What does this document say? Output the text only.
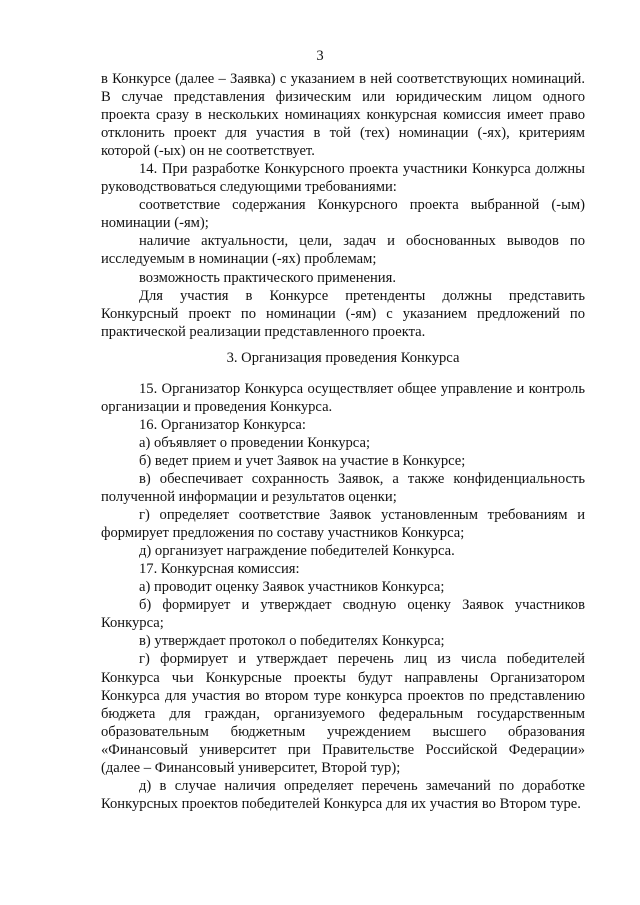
3

в Конкурсе (далее – Заявка) с указанием в ней соответствующих номинаций. В случае представления физическим или юридическим лицом одного проекта сразу в нескольких номинациях конкурсная комиссия имеет право отклонить проект для участия в той (тех) номинации (-ях), критериям которой (-ых) он не соответствует.

14. При разработке Конкурсного проекта участники Конкурса должны руководствоваться следующими требованиями:

соответствие содержания Конкурсного проекта выбранной (-ым) номинации (-ям);

наличие актуальности, цели, задач и обоснованных выводов по исследуемым в номинации (-ях) проблемам;

возможность практического применения.

Для участия в Конкурсе претенденты должны представить Конкурсный проект по номинации (-ям) с указанием предложений по практической реализации представленного проекта.

3. Организация проведения Конкурса

15. Организатор Конкурса осуществляет общее управление и контроль организации и проведения Конкурса.

16. Организатор Конкурса:

а) объявляет о проведении Конкурса;

б) ведет прием и учет Заявок на участие в Конкурсе;

в) обеспечивает сохранность Заявок, а также конфиденциальность полученной информации и результатов оценки;

г) определяет соответствие Заявок установленным требованиям и формирует предложения по составу участников Конкурса;

д) организует награждение победителей Конкурса.

17. Конкурсная комиссия:

а) проводит оценку Заявок участников Конкурса;

б) формирует и утверждает сводную оценку Заявок участников Конкурса;

в) утверждает протокол о победителях Конкурса;

г) формирует и утверждает перечень лиц из числа победителей Конкурса чьи Конкурсные проекты будут направлены Организатором Конкурса для участия во втором туре конкурса проектов по представлению бюджета для граждан, организуемого федеральным государственным образовательным бюджетным учреждением высшего образования «Финансовый университет при Правительстве Российской Федерации» (далее – Финансовый университет, Второй тур);

д) в случае наличия определяет перечень замечаний по доработке Конкурсных проектов победителей Конкурса для их участия во Втором туре.
